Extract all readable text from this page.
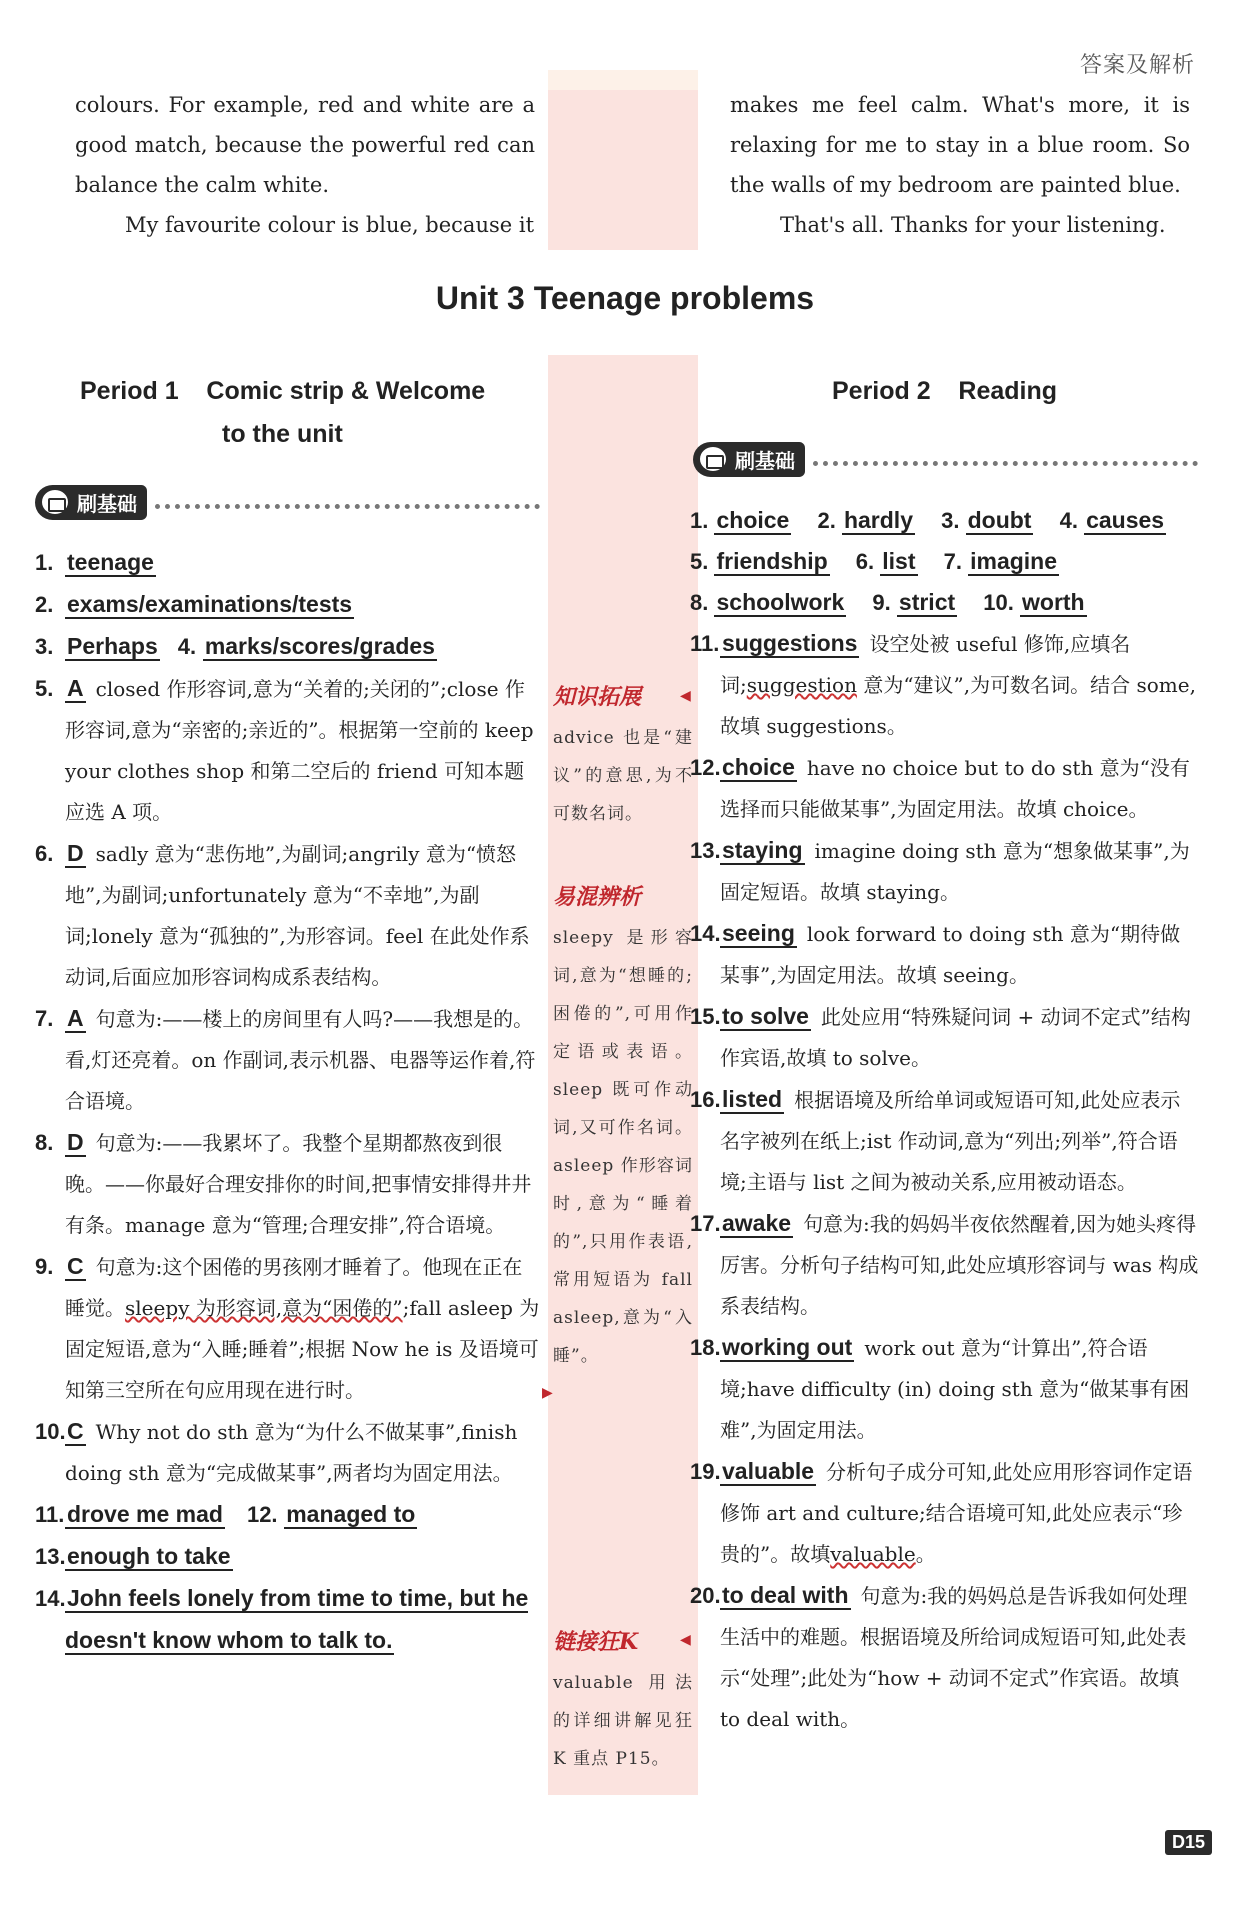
答案及解析

colours. For example, red and white are a good match, because the powerful red can balance the calm white.

My favourite colour is blue, because it

makes me feel calm. What's more, it is relaxing for me to stay in a blue room. So the walls of my bedroom are painted blue.

That's all. Thanks for your listening.

Unit 3 Teenage problems
Period 1    Comic strip & Welcome
to the unit
Period 2    Reading
刷基础
刷基础
1. teenage
2. exams/examinations/tests
3. Perhaps 4. marks/scores/grades
5. A closed 作形容词,意为“关着的;关闭的”;close 作形容词,意为“亲密的;亲近的”。根据第一空前的 keep your clothes shop 和第二空后的 friend 可知本题应选 A 项。
6. D sadly 意为“悲伤地”,为副词;angrily 意为“愤怒地”,为副词;unfortunately 意为“不幸地”,为副词;lonely 意为“孤独的”,为形容词。feel 在此处作系动词,后面应加形容词构成系表结构。
7. A 句意为:——楼上的房间里有人吗?——我想是的。看,灯还亮着。on 作副词,表示机器、电器等运作着,符合语境。
8. D 句意为:——我累坏了。我整个星期都熬夜到很晚。——你最好合理安排你的时间,把事情安排得井井有条。manage 意为“管理;合理安排”,符合语境。
9. C 句意为:这个困倦的男孩刚才睡着了。他现在正在睡觉。sleepy 为形容词,意为“困倦的”;fall asleep 为固定短语,意为“入睡;睡着”;根据 Now he is 及语境可知第三空所在句应用现在进行时。
10. C Why not do sth 意为“为什么不做某事”,finish doing sth 意为“完成做某事”,两者均为固定用法。
11. drove me mad 12. managed to
13. enough to take
14. John feels lonely from time to time, but he doesn't know whom to talk to.
1. choice 2. hardly 3. doubt 4. causes
5. friendship 6. list 7. imagine
8. schoolwork 9. strict 10. worth
11. suggestions 设空处被 useful 修饰,应填名词;suggestion 意为“建议”,为可数名词。结合 some,故填 suggestions。
12. choice have no choice but to do sth 意为“没有选择而只能做某事”,为固定用法。故填 choice。
13. staying imagine doing sth 意为“想象做某事”,为固定短语。故填 staying。
14. seeing look forward to doing sth 意为“期待做某事”,为固定用法。故填 seeing。
15. to solve 此处应用“特殊疑问词 + 动词不定式”结构作宾语,故填 to solve。
16. listed 根据语境及所给单词或短语可知,此处应表示名字被列在纸上;ist 作动词,意为“列出;列举”,符合语境;主语与 list 之间为被动关系,应用被动语态。
17. awake 句意为:我的妈妈半夜依然醒着,因为她头疼得厉害。分析句子结构可知,此处应填形容词与 was 构成系表结构。
18. working out work out 意为“计算出”,符合语境;have difficulty (in) doing sth 意为“做某事有困难”,为固定用法。
19. valuable 分析句子成分可知,此处应用形容词作定语修饰 art and culture;结合语境可知,此处应表示“珍贵的”。故填valuable。
20. to deal with 句意为:我的妈妈总是告诉我如何处理生活中的难题。根据语境及所给词成短语可知,此处表示“处理”;此处为“how + 动词不定式”作宾语。故填 to deal with。
知识拓展
advice 也是“建议”的意思,为不可数名词。
◀
易混辨析
sleepy 是形容词,意为“想睡的;困倦的”,可用作定语或表语。sleep 既可作动词,又可作名词。asleep 作形容词时,意为“睡着的”,只用作表语,常用短语为 fall asleep,意为“入睡”。
▶
链接狂K
valuable 用法的详细讲解见狂 K 重点 P15。
◀
D15
